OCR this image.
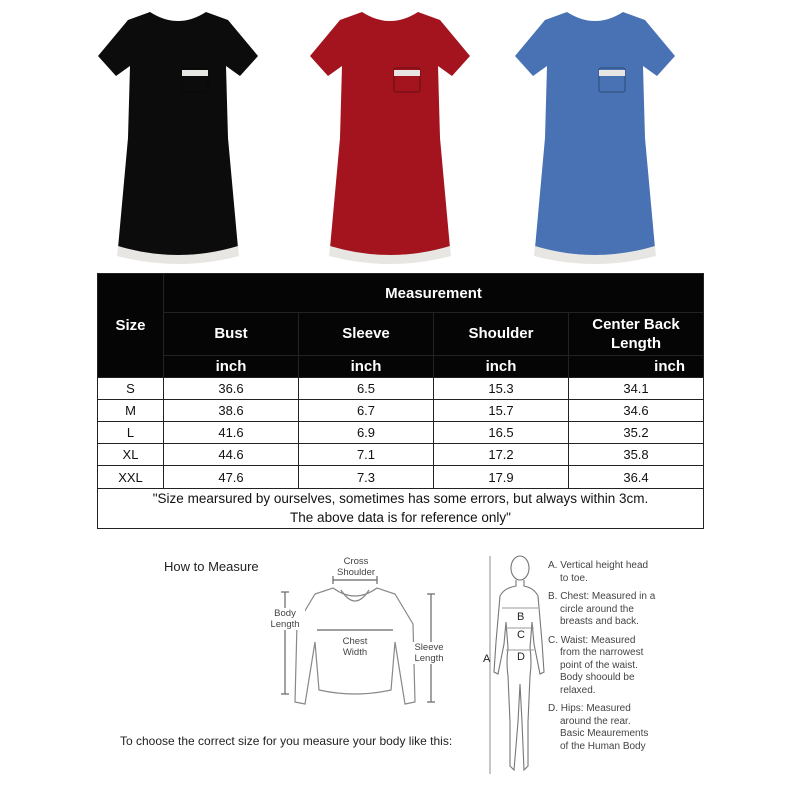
Size	Measurement			
	Bust	Sleeve	Shoulder	Center Back
Length
	inch	inch	inch	inch
S	36.6	6.5	15.3	34.1
M	38.6	6.7	15.7	34.6
L	41.6	6.9	16.5	35.2
XL	44.6	7.1	17.2	35.8
XXL	47.6	7.3	17.9	36.4
"Size mearsured by ourselves, sometimes has some errors, but always within 3cm.
The above data is for reference only"				
How to Measure	Cross
Shoulder
Body
Length
Chest
Width	Sleeve
Length
To choose the correct size for you measure your body like this:
B
C
D
A
A. Vertical height head
to toe.
B. Chest: Measured in a
circle around the
breasts and back.
C. Waist: Measured
from the narrowest
point of the waist.
Body shoould be
relaxed.
D. Hips: Measured
around the rear.
Basic Meaurements
of the Human Body
